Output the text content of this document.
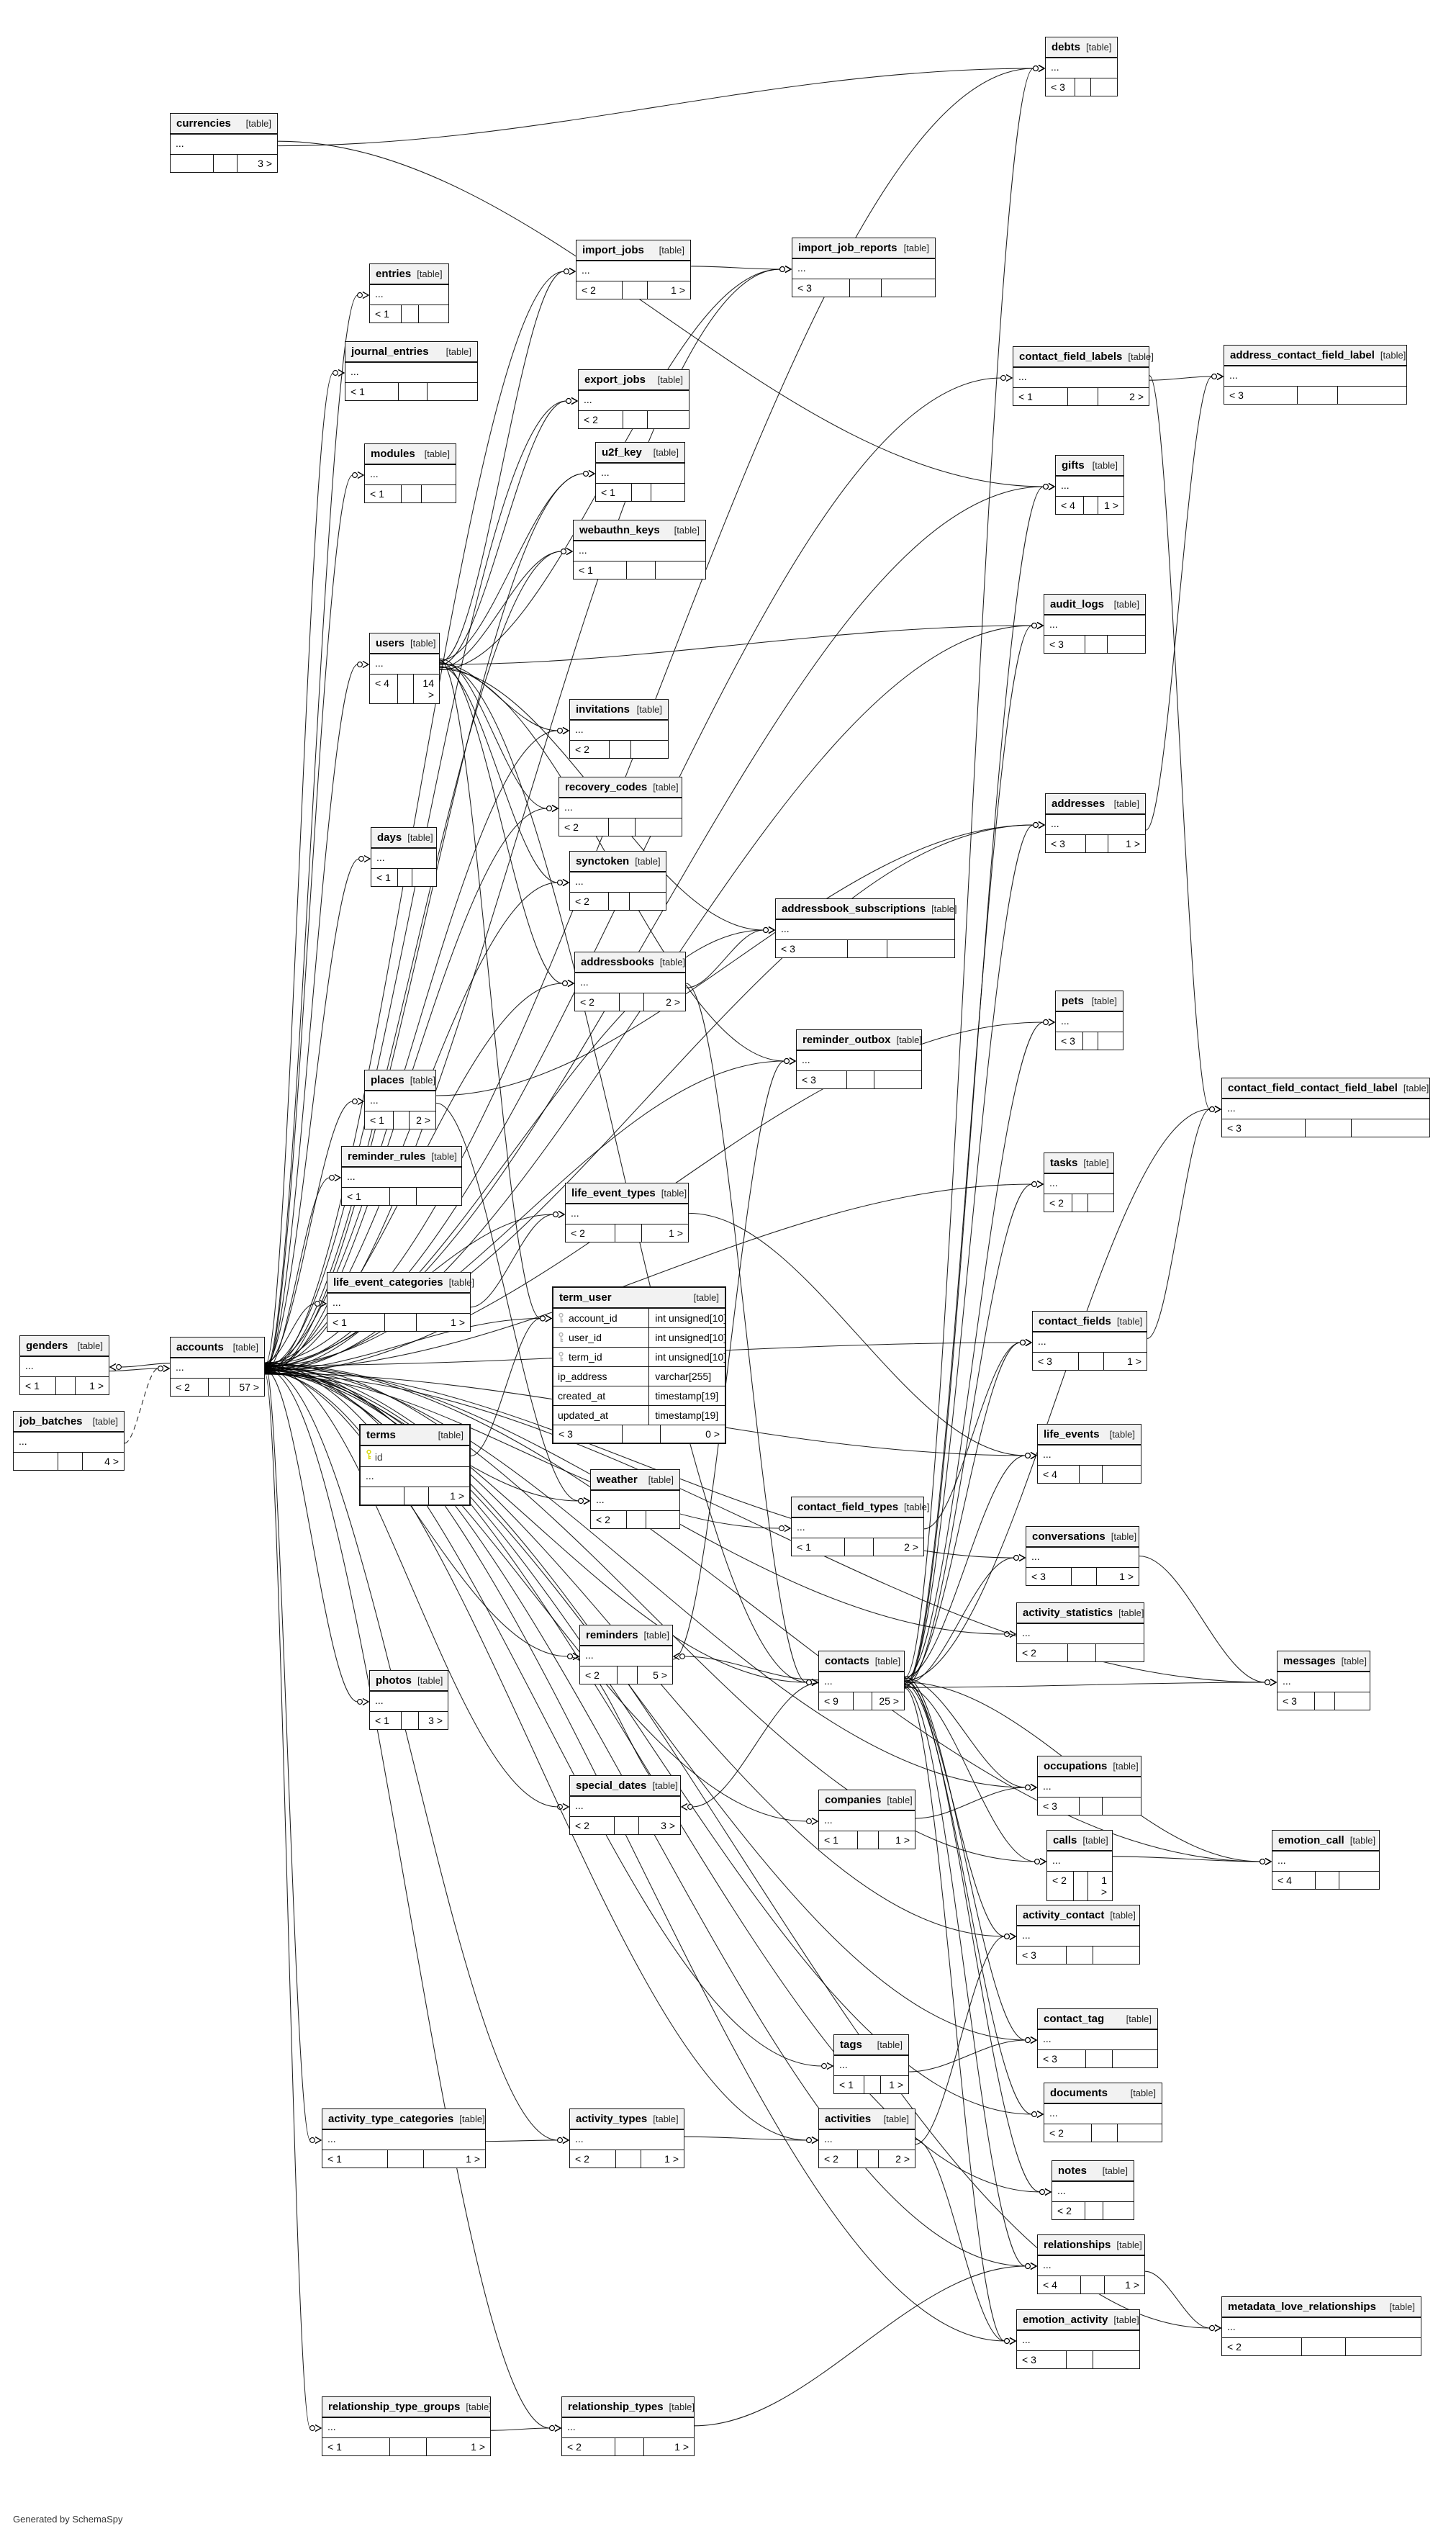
Generated by SchemaSpy
currencies [table]
...
3 >
debts [table]
...
< 3
entries [table]
...
< 1
import_jobs [table]
...
< 2	1 >
import_job_reports [table]
...
< 3
journal_entries [table]
...
< 1
export_jobs [table]
...
< 2
contact_field_labels [table]
...
< 1	2 >
address_contact_field_label [table]
...
< 3
modules [table]
...
< 1
u2f_key [table]
...
< 1
webauthn_keys [table]
...
< 1
gifts [table]
...
< 4	1 >
audit_logs [table]
...
< 3
users [table]
...
< 4	14 >
invitations [table]
...
< 2
recovery_codes [table]
...
< 2
days [table]
...
< 1
synctoken [table]
...
< 2
addressbook_subscriptions [table]
...
< 3
addressbooks [table]
...
< 2	2 >
addresses [table]
...
< 3	1 >
pets [table]
...
< 3
reminder_outbox [table]
...
< 3
contact_field_contact_field_label [table]
...
< 3
places [table]
...
< 1	2 >
reminder_rules [table]
...
< 1	life_event_types [table]
...
< 2	1 >
tasks [table]
...
< 2
life_event_categories [table]
...
< 1	1 >
term_user	[table]
account_id	int unsigned[10]
user_id	int unsigned[10]
term_id	int unsigned[10]
ip_address	varchar[255]
created_at	timestamp[19]
updated_at	timestamp[19]
< 3	0 >
contact_fields [table]
...
< 3	1 >
genders [table]
...
< 1	1 >
accounts [table]
...
< 2	57 >
job_batches [table]
...
4 >
terms	[table]
id
...
1 >
weather [table]
...
< 2
life_events [table]
...
< 4
contact_field_types [table]
...
< 1	2 >
conversations [table]
...
< 3	1 >
activity_statistics [table]
...
< 2
reminders [table]
...
< 2	5 >
contacts [table]
...
< 9	25 >
messages [table]
...
< 3
photos [table]
...
< 1	3 >
special_dates [table]
...
< 2	3 >
companies [table]
...
< 1	1 >
occupations [table]
...
< 3
calls [table]
...
< 2	1 >
emotion_call [table]
...
< 4
activity_contact [table]
...
< 3
tags [table]
...
< 1	1 >
contact_tag [table]
...
< 3
documents [table]
...
< 2
notes [table]
...
< 2
activity_type_categories [table]
...
< 1	1 >
activity_types [table]
...
< 2	1 >
activities [table]
...
< 2	2 >
relationships [table]
...
< 4	1 >
emotion_activity [table]
...
< 3
metadata_love_relationships [table]
...
< 2
relationship_type_groups [table]
...
< 1	1 >
relationship_types [table]
...
< 2	1 >
